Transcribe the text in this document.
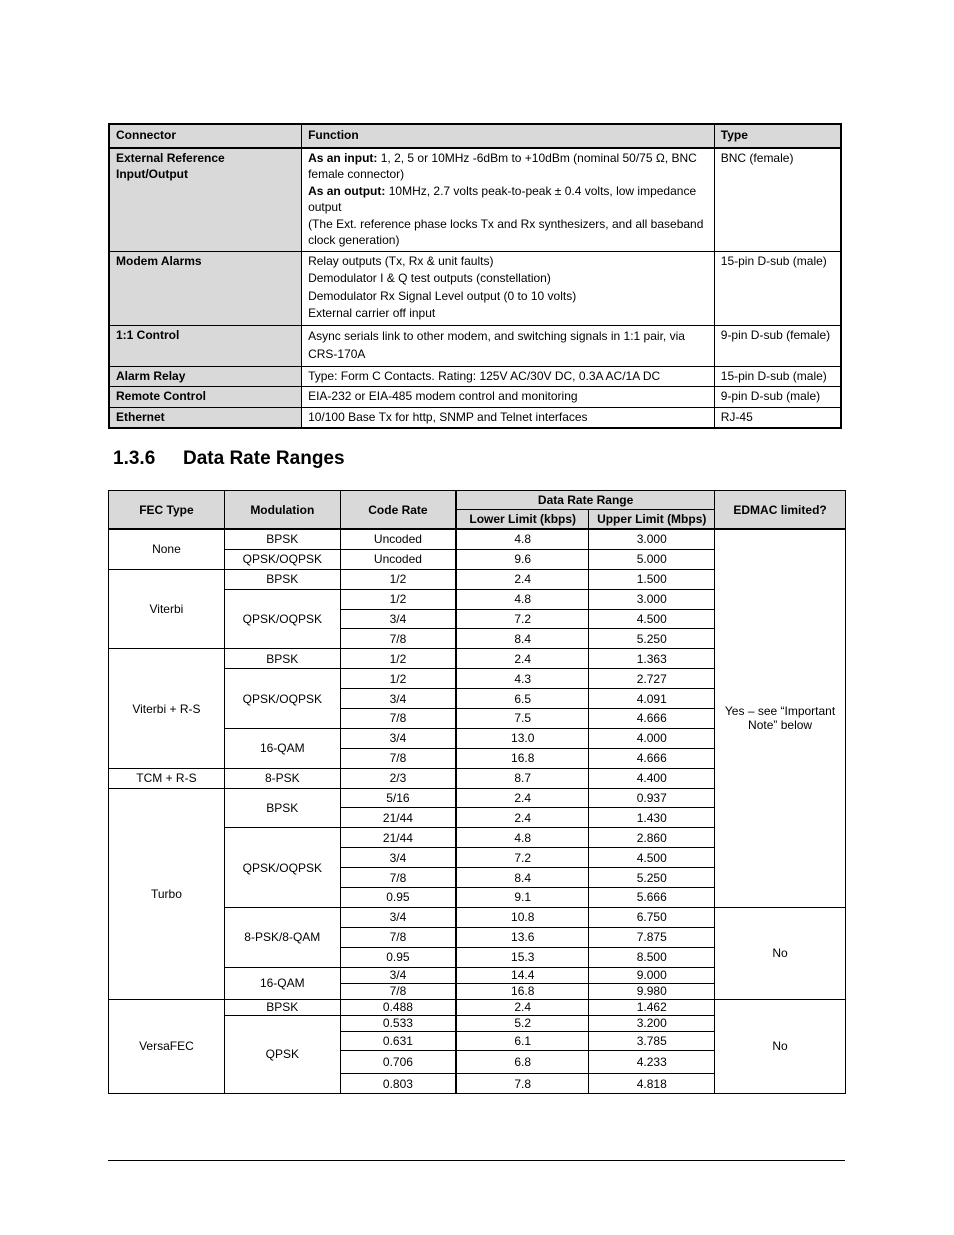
Connector	Function	Type
External Reference Input/Output	As an input: 1, 2, 5 or 10MHz -6dBm to +10dBm (nominal 50/75 Ω, BNC female connector)
As an output: 10MHz, 2.7 volts peak-to-peak ± 0.4 volts, low impedance output
(The Ext. reference phase locks Tx and Rx synthesizers, and all baseband clock generation)	BNC (female)
Modem Alarms	Relay outputs (Tx, Rx & unit faults)
Demodulator I & Q test outputs (constellation)
Demodulator Rx Signal Level output (0 to 10 volts)
External carrier off input	15-pin D-sub (male)
1:1 Control	Async serials link to other modem, and switching signals in 1:1 pair, via CRS-170A	9-pin D-sub (female)
Alarm Relay	Type: Form C Contacts. Rating: 125V AC/30V DC, 0.3A AC/1A DC	15-pin D-sub (male)
Remote Control	EIA-232 or EIA-485 modem control and monitoring	9-pin D-sub (male)
Ethernet	10/100 Base Tx for http, SNMP and Telnet interfaces	RJ-45
1.3.6 Data Rate Ranges
FEC Type	Modulation	Code Rate	Data Rate Range		EDMAC limited?
			Lower Limit (kbps)	Upper Limit (Mbps)	
None	BPSK	Uncoded	4.8	3.000	Yes – see “Important Note” below
	QPSK/OQPSK	Uncoded	9.6	5.000	
Viterbi	BPSK	1/2	2.4	1.500	
	QPSK/OQPSK	1/2	4.8	3.000	
		3/4	7.2	4.500	
		7/8	8.4	5.250	
Viterbi + R-S	BPSK	1/2	2.4	1.363	
	QPSK/OQPSK	1/2	4.3	2.727	
		3/4	6.5	4.091	
		7/8	7.5	4.666	
	16-QAM	3/4	13.0	4.000	
		7/8	16.8	4.666	
TCM + R-S	8-PSK	2/3	8.7	4.400	
Turbo	BPSK	5/16	2.4	0.937	
		21/44	2.4	1.430	
	QPSK/OQPSK	21/44	4.8	2.860	
		3/4	7.2	4.500	
		7/8	8.4	5.250	
		0.95	9.1	5.666	
	8-PSK/8-QAM	3/4	10.8	6.750	No
		7/8	13.6	7.875	
		0.95	15.3	8.500	
	16-QAM	3/4	14.4	9.000	
		7/8	16.8	9.980	
VersaFEC	BPSK	0.488	2.4	1.462	No
	QPSK	0.533	5.2	3.200	
		0.631	6.1	3.785	
		0.706	6.8	4.233	
		0.803	7.8	4.818	
